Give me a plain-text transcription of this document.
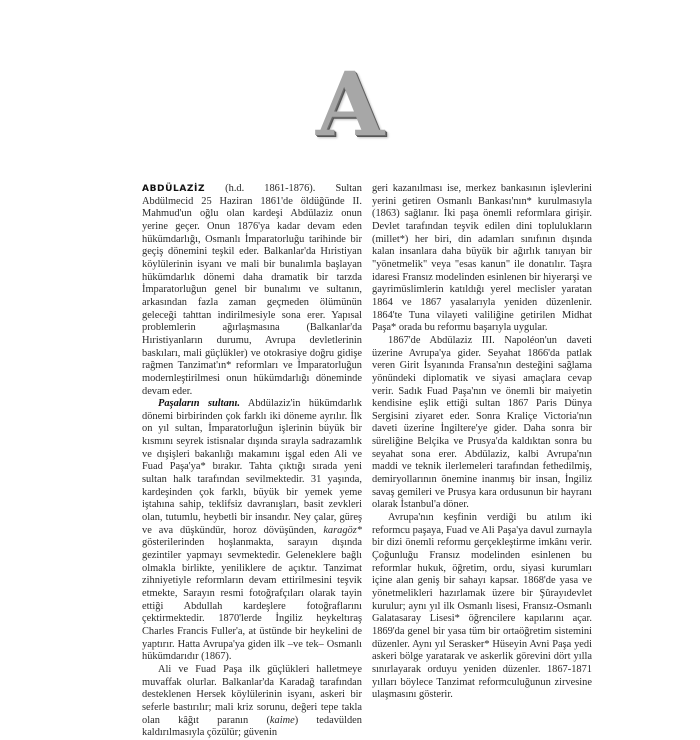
A

ABDÜLAZİZ (h.d. 1861-1876). Sultan Abdülmecid 25 Haziran 1861'de öldüğünde II. Mahmud'un oğlu olan kardeşi Abdülaziz onun yerine geçer. Onun 1876'ya kadar devam eden hükümdarlığı, Osmanlı İmparatorluğu tarihinde bir geçiş dönemini teşkil eder. Balkanlar'da Hıristiyan köylülerinin isyanı ve mali bir bunalımla başlayan hükümdarlık dönemi daha dramatik bir tarzda İmparatorluğun genel bir bunalımı ve sultanın, arkasından fazla zaman geçmeden ölümünün geleceği tahttan indirilmesiyle sona erer. Yapısal problemlerin ağırlaşmasına (Balkanlar'da Hıristiyanların durumu, Avrupa devletlerinin baskıları, mali güçlükler) ve otokrasiye doğru gidişe rağmen Tanzimat'ın* reformları ve İmparatorluğun modernleştirilmesi onun hükümdarlığı döneminde devam eder.

Paşaların sultanı. Abdülaziz'in hükümdarlık dönemi birbirinden çok farklı iki döneme ayrılır. İlk on yıl sultan, İmparatorluğun işlerinin büyük bir kısmını seyrek istisnalar dışında sırayla sadrazamlık ve dışişleri bakanlığı makamını işgal eden Ali ve Fuad Paşa'ya* bırakır. Tahta çıktığı sırada yeni sultan halk tarafından sevilmektedir. 31 yaşında, kardeşinden çok farklı, büyük bir yemek yeme iştahına sahip, teklifsiz davranışları, basit zevkleri olan, tutumlu, heybetli bir insandır. Ney çalar, güreş ve ava düşkündür, horoz dövüşünden, karagöz* gösterilerinden hoşlanmakta, sarayın dışında gezintiler yapmayı sevmektedir. Geleneklere bağlı olmakla birlikte, yeniliklere de açıktır. Tanzimat zihniyetiyle reformların devam ettirilmesini teşvik etmekte, Sarayın resmi fotoğrafçıları olarak tayin ettiği Abdullah kardeşlere fotoğraflarını çektirmektedir. 1870'lerde İngiliz heykeltıraş Charles Francis Fuller'a, at üstünde bir heykelini de yaptırır. Hatta Avrupa'ya giden ilk –ve tek– Osmanlı hükümdarıdır (1867).

Ali ve Fuad Paşa ilk güçlükleri halletmeye muvaffak olurlar. Balkanlar'da Karadağ tarafından desteklenen Hersek köylülerinin isyanı, askeri bir seferle bastırılır; mali kriz sorunu, değeri tepe takla olan kâğıt paranın (kaime) tedavülden kaldırılmasıyla çözülür; güvenin

geri kazanılması ise, merkez bankasının işlevlerini yerini getiren Osmanlı Bankası'nın* kurulmasıyla (1863) sağlanır. İki paşa önemli reformlara girişir. Devlet tarafından teşvik edilen dini toplulukların (millet*) her biri, din adamları sınıfının dışında kalan insanlara daha büyük bir ağırlık tanıyan bir "yönetmelik" veya "esas kanun" ile donatılır. Taşra idaresi Fransız modelinden esinlenen bir hiyerarşi ve gayrimüslimlerin katıldığı yerel meclisler yaratan 1864 ve 1867 yasalarıyla yeniden düzenlenir. 1864'te Tuna vilayeti valiliğine getirilen Midhat Paşa* orada bu reformu başarıyla uygular.

1867'de Abdülaziz III. Napoléon'un daveti üzerine Avrupa'ya gider. Seyahat 1866'da patlak veren Girit İsyanında Fransa'nın desteğini sağlama yönündeki diplomatik ve siyasi amaçlara cevap verir. Sadık Fuad Paşa'nın ve önemli bir maiyetin kendisine eşlik ettiği sultan 1867 Paris Dünya Sergisini ziyaret eder. Sonra Kraliçe Victoria'nın daveti üzerine İngiltere'ye gider. Daha sonra bir süreliğine Belçika ve Prusya'da kaldıktan sonra bu seyahat sona erer. Abdülaziz, kalbi Avrupa'nın maddi ve teknik ilerlemeleri tarafından fethedilmiş, demiryollarının önemine inanmış bir insan, İngiliz savaş gemileri ve Prusya kara ordusunun bir hayranı olarak İstanbul'a döner.

Avrupa'nın keşfinin verdiği bu atılım iki reformcu paşaya, Fuad ve Ali Paşa'ya davul zurnayla bir dizi önemli reformu gerçekleştirme imkânı verir. Çoğunluğu Fransız modelinden esinlenen bu reformlar hukuk, öğretim, ordu, siyasi kurumları içine alan geniş bir sahayı kapsar. 1868'de yasa ve yönetmelikleri hazırlamak üzere bir Şûrayıdevlet kurulur; aynı yıl ilk Osmanlı lisesi, Fransız-Osmanlı Galatasaray Lisesi* öğrencilere kapılarını açar. 1869'da genel bir yasa tüm bir ortaöğretim sistemini düzenler. Aynı yıl Serasker* Hüseyin Avni Paşa yedi askeri bölge yaratarak ve askerlik görevini dört yılla sınırlayarak orduyu yeniden düzenler. 1867-1871 yılları böylece Tanzimat reformculuğunun zirvesine ulaşmasını gösterir.
